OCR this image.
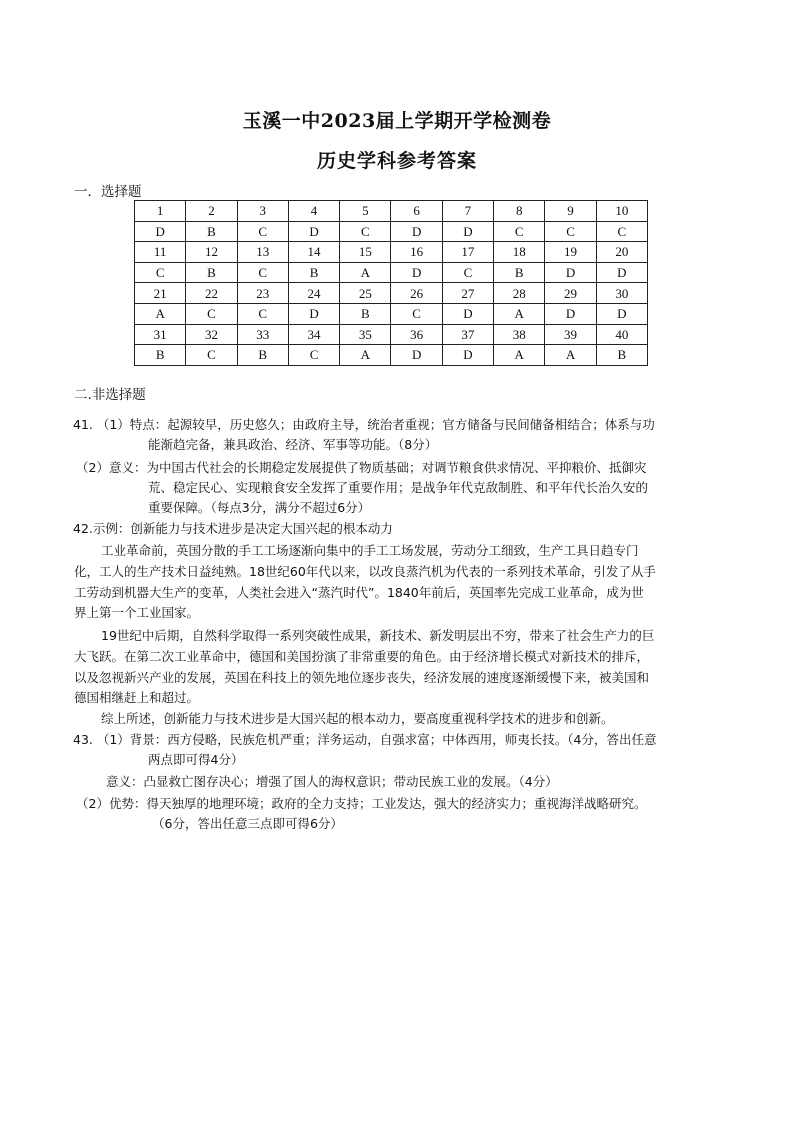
玉溪一中2023届上学期开学检测卷
历史学科参考答案
一．选择题
1	2	3	4	5	6	7	8	9	10
D	B	C	D	C	D	D	C	C	C
11	12	13	14	15	16	17	18	19	20
C	B	C	B	A	D	C	B	D	D
21	22	23	24	25	26	27	28	29	30
A	C	C	D	B	C	D	A	D	D
31	32	33	34	35	36	37	38	39	40
B	C	B	C	A	D	D	A	A	B
二.非选择题
41. （1）特点：起源较早，历史悠久；由政府主导，统治者重视；官方储备与民间储备相结合；体系与功
能渐趋完备，兼具政治、经济、军事等功能。（8分）
（2）意义：为中国古代社会的长期稳定发展提供了物质基础；对调节粮食供求情况、平抑粮价、抵御灾
荒、稳定民心、实现粮食安全发挥了重要作用；是战争年代克敌制胜、和平年代长治久安的
重要保障。（每点3分，满分不超过6分）
42.示例：创新能力与技术进步是决定大国兴起的根本动力
工业革命前，英国分散的手工工场逐渐向集中的手工工场发展，劳动分工细致，生产工具日趋专门
化，工人的生产技术日益纯熟。18世纪60年代以来，以改良蒸汽机为代表的一系列技术革命，引发了从手
工劳动到机器大生产的变革，人类社会进入“蒸汽时代”。1840年前后，英国率先完成工业革命，成为世
界上第一个工业国家。
19世纪中后期，自然科学取得一系列突破性成果，新技术、新发明层出不穷，带来了社会生产力的巨
大飞跃。在第二次工业革命中，德国和美国扮演了非常重要的角色。由于经济增长模式对新技术的排斥，
以及忽视新兴产业的发展，英国在科技上的领先地位逐步丧失，经济发展的速度逐渐缓慢下来，被美国和
德国相继赶上和超过。
综上所述，创新能力与技术进步是大国兴起的根本动力，要高度重视科学技术的进步和创新。
43. （1）背景：西方侵略，民族危机严重；洋务运动，自强求富；中体西用，师夷长技。（4分，答出任意
两点即可得4分）
意义：凸显救亡图存决心；增强了国人的海权意识；带动民族工业的发展。（4分）
（2）优势：得天独厚的地理环境；政府的全力支持；工业发达，强大的经济实力；重视海洋战略研究。
（6分，答出任意三点即可得6分）
